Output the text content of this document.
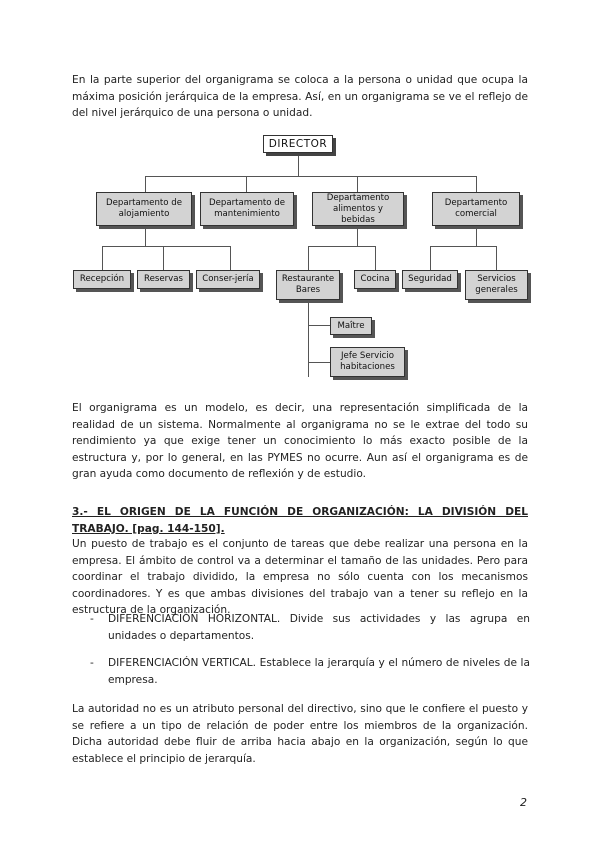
En la parte superior del organigrama se coloca a la persona o unidad que ocupa la máxima posición jerárquica de la empresa. Así, en un organigrama se ve el reflejo de del nivel jerárquico de una persona o unidad.

DIRECTOR
Departamento de alojamiento
Departamento de mantenimiento
Departamento alimentos y bebidas
Departamento comercial
Recepción	Reservas	Conser-jería	Restaurante Bares
Cocina	Seguridad	Servicios generales
Maître
Jefe Servicio habitaciones

El organigrama es un modelo, es decir, una representación simplificada de la realidad de un sistema. Normalmente al organigrama no se le extrae del todo su rendimiento ya que exige tener un conocimiento lo más exacto posible de la estructura y, por lo general, en las PYMES no ocurre. Aun así el organigrama es de gran ayuda como documento de reflexión y de estudio.

3.- EL ORIGEN DE LA FUNCIÓN DE ORGANIZACIÓN: LA DIVISIÓN DEL TRABAJO. [pag. 144-150].

Un puesto de trabajo es el conjunto de tareas que debe realizar una persona en la empresa. El ámbito de control va a determinar el tamaño de las unidades. Pero para coordinar el trabajo dividido, la empresa no sólo cuenta con los mecanismos coordinadores. Y es que ambas divisiones del trabajo van a tener su reflejo en la estructura de la organización.

- DIFERENCIACIÓN HORIZONTAL. Divide sus actividades y las agrupa en unidades o departamentos.
- DIFERENCIACIÓN VERTICAL. Establece la jerarquía y el número de niveles de la empresa.

La autoridad no es un atributo personal del directivo, sino que le confiere el puesto y se refiere a un tipo de relación de poder entre los miembros de la organización. Dicha autoridad debe fluir de arriba hacia abajo en la organización, según lo que establece el principio de jerarquía.

2
